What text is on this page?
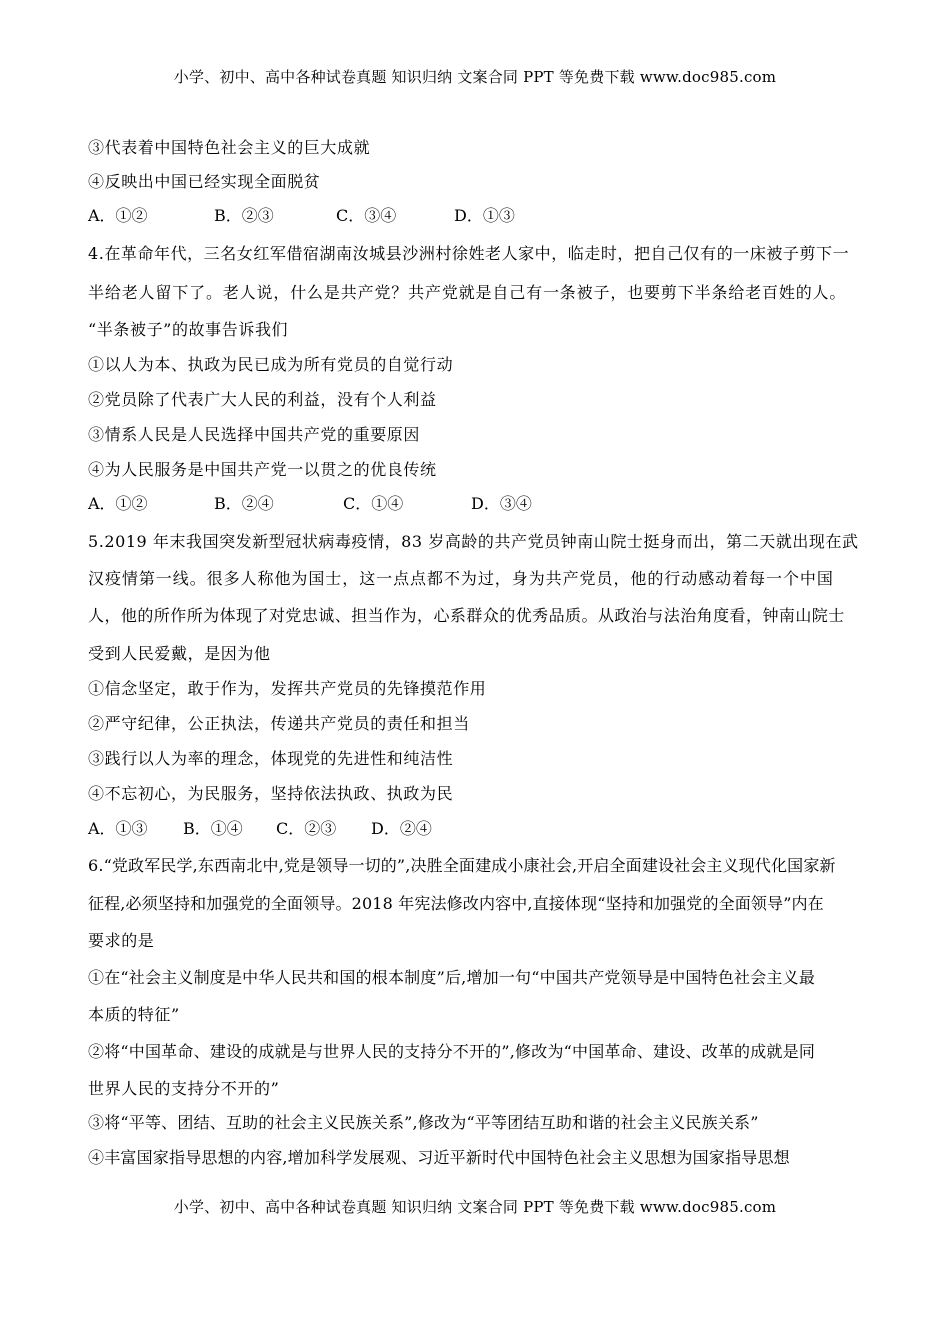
小学、初中、高中各种试卷真题 知识归纳 文案合同 PPT 等免费下载 www.doc985.com
③代表着中国特色社会主义的巨大成就
④反映出中国已经实现全面脱贫
A．①②	B．②③	C．③④	D．①③
4.在革命年代，三名女红军借宿湖南汝城县沙洲村徐姓老人家中，临走时，把自己仅有的一床被子剪下一
半给老人留下了。老人说，什么是共产党？共产党就是自己有一条被子，也要剪下半条给老百姓的人。
“半条被子”的故事告诉我们
①以人为本、执政为民已成为所有党员的自觉行动
②党员除了代表广大人民的利益，没有个人利益
③情系人民是人民选择中国共产党的重要原因
④为人民服务是中国共产党一以贯之的优良传统
A．①②	B．②④	C．①④	D．③④
5.2019 年末我国突发新型冠状病毒疫情，83 岁高龄的共产党员钟南山院士挺身而出，第二天就出现在武
汉疫情第一线。很多人称他为国士，这一点点都不为过，身为共产党员，他的行动感动着每一个中国
人，他的所作所为体现了对党忠诚、担当作为，心系群众的优秀品质。从政治与法治角度看，钟南山院士
受到人民爱戴，是因为他
①信念坚定，敢于作为，发挥共产党员的先锋摸范作用
②严守纪律，公正执法，传递共产党员的责任和担当
③践行以人为率的理念，体现党的先进性和纯洁性
④不忘初心，为民服务，坚持依法执政、执政为民
A．①③ B．①④ C．②③ D．②④
6.“党政军民学,东西南北中,党是领导一切的”,决胜全面建成小康社会,开启全面建设社会主义现代化国家新
征程,必须坚持和加强党的全面领导。2018 年宪法修改内容中,直接体现“坚持和加强党的全面领导”内在
要求的是
①在“社会主义制度是中华人民共和国的根本制度”后,增加一句“中国共产党领导是中国特色社会主义最
本质的特征”
②将“中国革命、建设的成就是与世界人民的支持分不开的”,修改为“中国革命、建设、改革的成就是同
世界人民的支持分不开的”
③将“平等、团结、互助的社会主义民族关系”,修改为“平等团结互助和谐的社会主义民族关系”
④丰富国家指导思想的内容,增加科学发展观、习近平新时代中国特色社会主义思想为国家指导思想
小学、初中、高中各种试卷真题 知识归纳 文案合同 PPT 等免费下载 www.doc985.com
